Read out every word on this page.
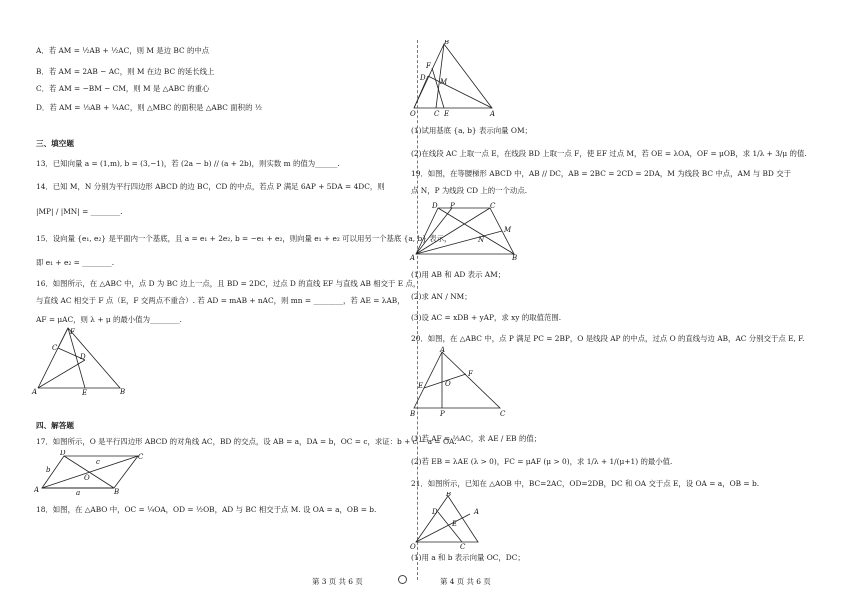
A．若 AM = ½AB + ½AC，则 M 是边 BC 的中点
B．若 AM = 2AB − AC，则 M 在边 BC 的延长线上
C．若 AM = −BM − CM，则 M 是 △ABC 的重心
D．若 AM = ⅓AB + ¼AC，则 △MBC 的面积是 △ABC 面积的 ½
三、填空题
13．已知向量 a = (1,m), b = (3,−1)，若 (2a − b) // (a + 2b)，则实数 m 的值为______.
14．已知 M，N 分别为平行四边形 ABCD 的边 BC，CD 的中点，若点 P 满足 6AP + 5DA = 4DC，则
|MP| / |MN| = ________.
15．设向量 {e₁, e₂} 是平面内一个基底，且 a = e₁ + 2e₂, b = −e₁ + e₂，则向量 e₁ + e₂ 可以用另一个基底 {a, b} 表示，
即 e₁ + e₂ = ________.
16．如图所示，在 △ABC 中，点 D 为 BC 边上一点，且 BD = 2DC，过点 D 的直线 EF 与直线 AB 相交于 E 点，
与直线 AC 相交于 F 点（E，F 交两点不重合）. 若 AD = mAB + nAC，则 mn = ________，若 AE = λAB，
AF = μAC，则 λ + μ 的最小值为________.
F
C
D
A	E	B
四、解答题
17．如图所示，O 是平行四边形 ABCD 的对角线 AC，BD 的交点，设 AB = a，DA = b，OC = c，求证：b + c − a = OA.
D	C
b
c
O
A	a	B
18．如图，在 △ABO 中，OC = ¼OA，OD = ½OB，AD 与 BC 相交于点 M. 设 OA = a，OB = b.
B
F
D M
O	C E	A
(1)试用基底 {a, b} 表示向量 OM；
(2)在线段 AC 上取一点 E，在线段 BD 上取一点 F，使 EF 过点 M，若 OE = λOA，OF = μOB，求 1/λ + 3/μ 的值.
19．如图，在等腰梯形 ABCD 中，AB // DC，AB = 2BC = 2CD = 2DA，M 为线段 BC 中点，AM 与 BD 交于
点 N，P 为线段 CD 上的一个动点.
D P	C
M
N
A	B
(1)用 AB 和 AD 表示 AM；
(2)求 AN / NM；
(3)设 AC = xDB + yAP，求 xy 的取值范围.
20．如图，在 △ABC 中，点 P 满足 PC = 2BP，O 是线段 AP 的中点，过点 O 的直线与边 AB，AC 分别交于点 E, F.
A
F
E	O
B	P	C
(1)若 AF = ⅔AC，求 AE / EB 的值；
(2)若 EB = λAE (λ > 0)，FC = μAF (μ > 0)，求 1/λ + 1/(μ+1) 的最小值.
21．如图所示，已知在 △AOB 中，BC=2AC，OD=2DB，DC 和 OA 交于点 E，设 OA = a，OB = b.
B
D
E
A
O	C
(1)用 a 和 b 表示向量 OC，DC；
第 3 页 共 6 页	第 4 页 共 6 页
